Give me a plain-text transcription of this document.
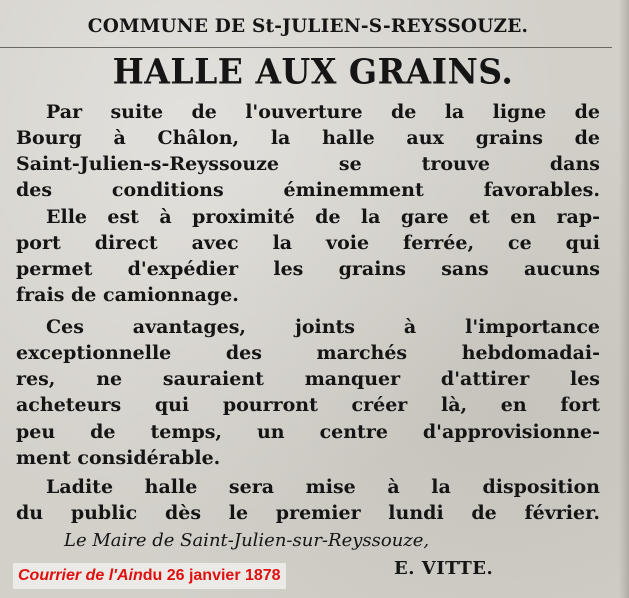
COMMUNE DE St-JULIEN-S-REYSSOUZE.
HALLE AUX GRAINS.
Par suite de l'ouverture de la ligne de
Bourg à Châlon, la halle aux grains de
Saint-Julien-s-Reyssouze se trouve dans
des conditions éminemment favorables.
Elle est à proximité de la gare et en rap-
port direct avec la voie ferrée, ce qui
permet d'expédier les grains sans aucuns
frais de camionnage.
Ces avantages, joints à l'importance
exceptionnelle des marchés hebdomadai-
res, ne sauraient manquer d'attirer les
acheteurs qui pourront créer là, en fort
peu de temps, un centre d'approvisionne-
ment considérable.
Ladite halle sera mise à la disposition
du public dès le premier lundi de février.
Le Maire de Saint-Julien-sur-Reyssouze,
E. VITTE.
Courrier de l'Ain du 26 janvier 1878
